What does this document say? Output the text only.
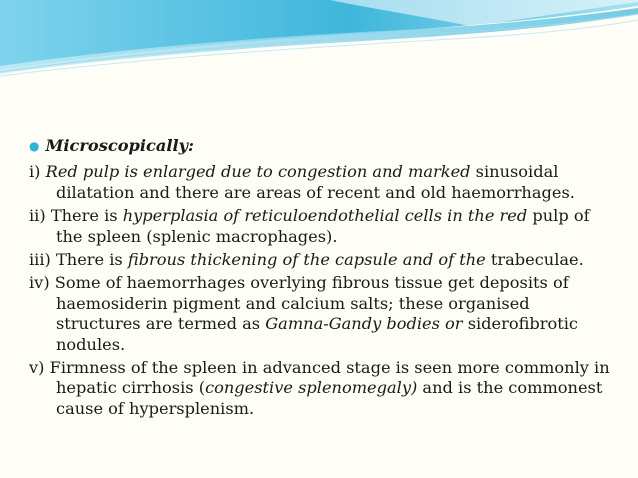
● Microscopically:
i) Red pulp is enlarged due to congestion and marked sinusoidal dilatation and there are areas of recent and old haemorrhages.
ii) There is hyperplasia of reticuloendothelial cells in the red pulp of the spleen (splenic macrophages).
iii) There is fibrous thickening of the capsule and of the trabeculae.
iv) Some of haemorrhages overlying fibrous tissue get deposits of haemosiderin pigment and calcium salts; these organised structures are termed as Gamna-Gandy bodies or siderofibrotic nodules.
v) Firmness of the spleen in advanced stage is seen more commonly in hepatic cirrhosis (congestive splenomegaly) and is the commonest cause of hypersplenism.
